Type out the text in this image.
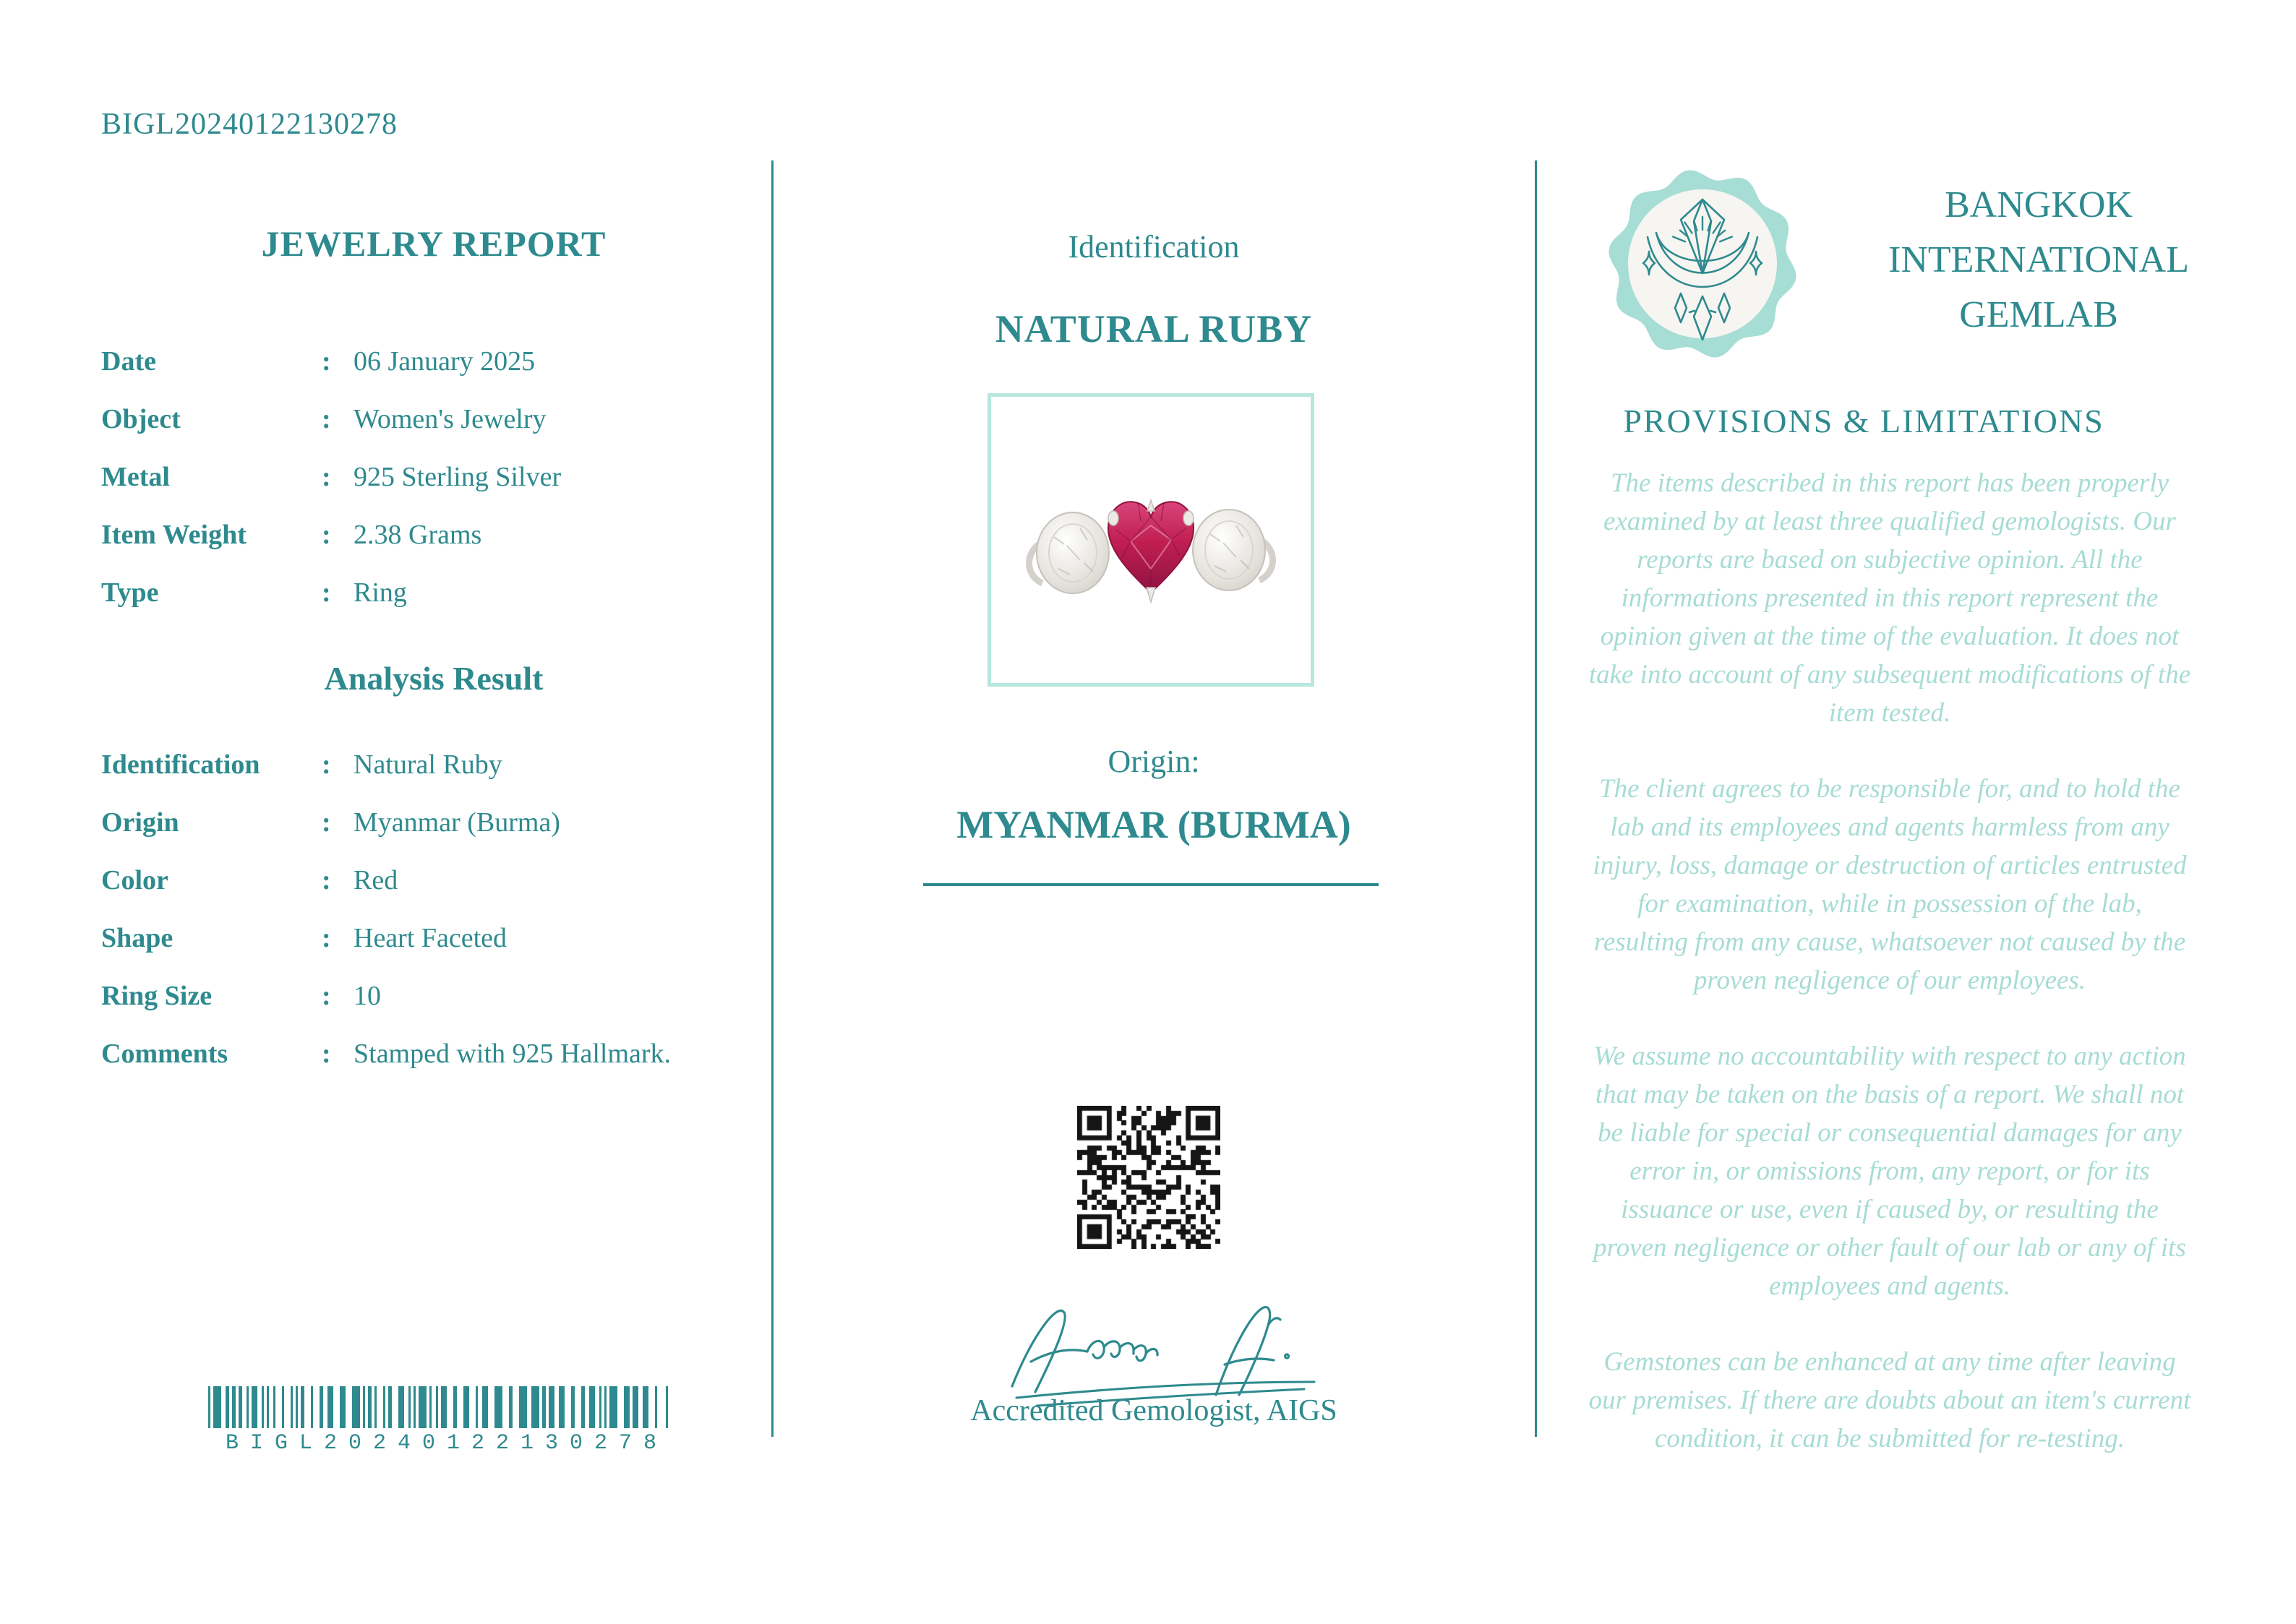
BIGL20240122130278
JEWELRY REPORT
Date	: 06 January 2025
Object	: Women's Jewelry
Metal	: 925 Sterling Silver
Item Weight	: 2.38 Grams
Type	: Ring
Analysis Result
Identification	: Natural Ruby
Origin	: Myanmar (Burma)
Color	: Red
Shape	: Heart Faceted
Ring Size	: 10
Comments	: Stamped with 925 Hallmark.
BIGL20240122130278
Identification
NATURAL RUBY
Origin:
MYANMAR (BURMA)
Accredited Gemologist, AIGS
BANGKOK
INTERNATIONAL
GEMLAB
PROVISIONS & LIMITATIONS

The items described in this report has been properly examined by at least three qualified gemologists. Our reports are based on subjective opinion. All the informations presented in this report represent the opinion given at the time of the evaluation. It does not take into account of any subsequent modifications of the item tested.

The client agrees to be responsible for, and to hold the lab and its employees and agents harmless from any injury, loss, damage or destruction of articles entrusted for examination, while in possession of the lab, resulting from any cause, whatsoever not caused by the proven negligence of our employees.

We assume no accountability with respect to any action that may be taken on the basis of a report. We shall not be liable for special or consequential damages for any error in, or omissions from, any report, or for its issuance or use, even if caused by, or resulting the proven negligence or other fault of our lab or any of its employees and agents.

Gemstones can be enhanced at any time after leaving our premises. If there are doubts about an item's current condition, it can be submitted for re-testing.
